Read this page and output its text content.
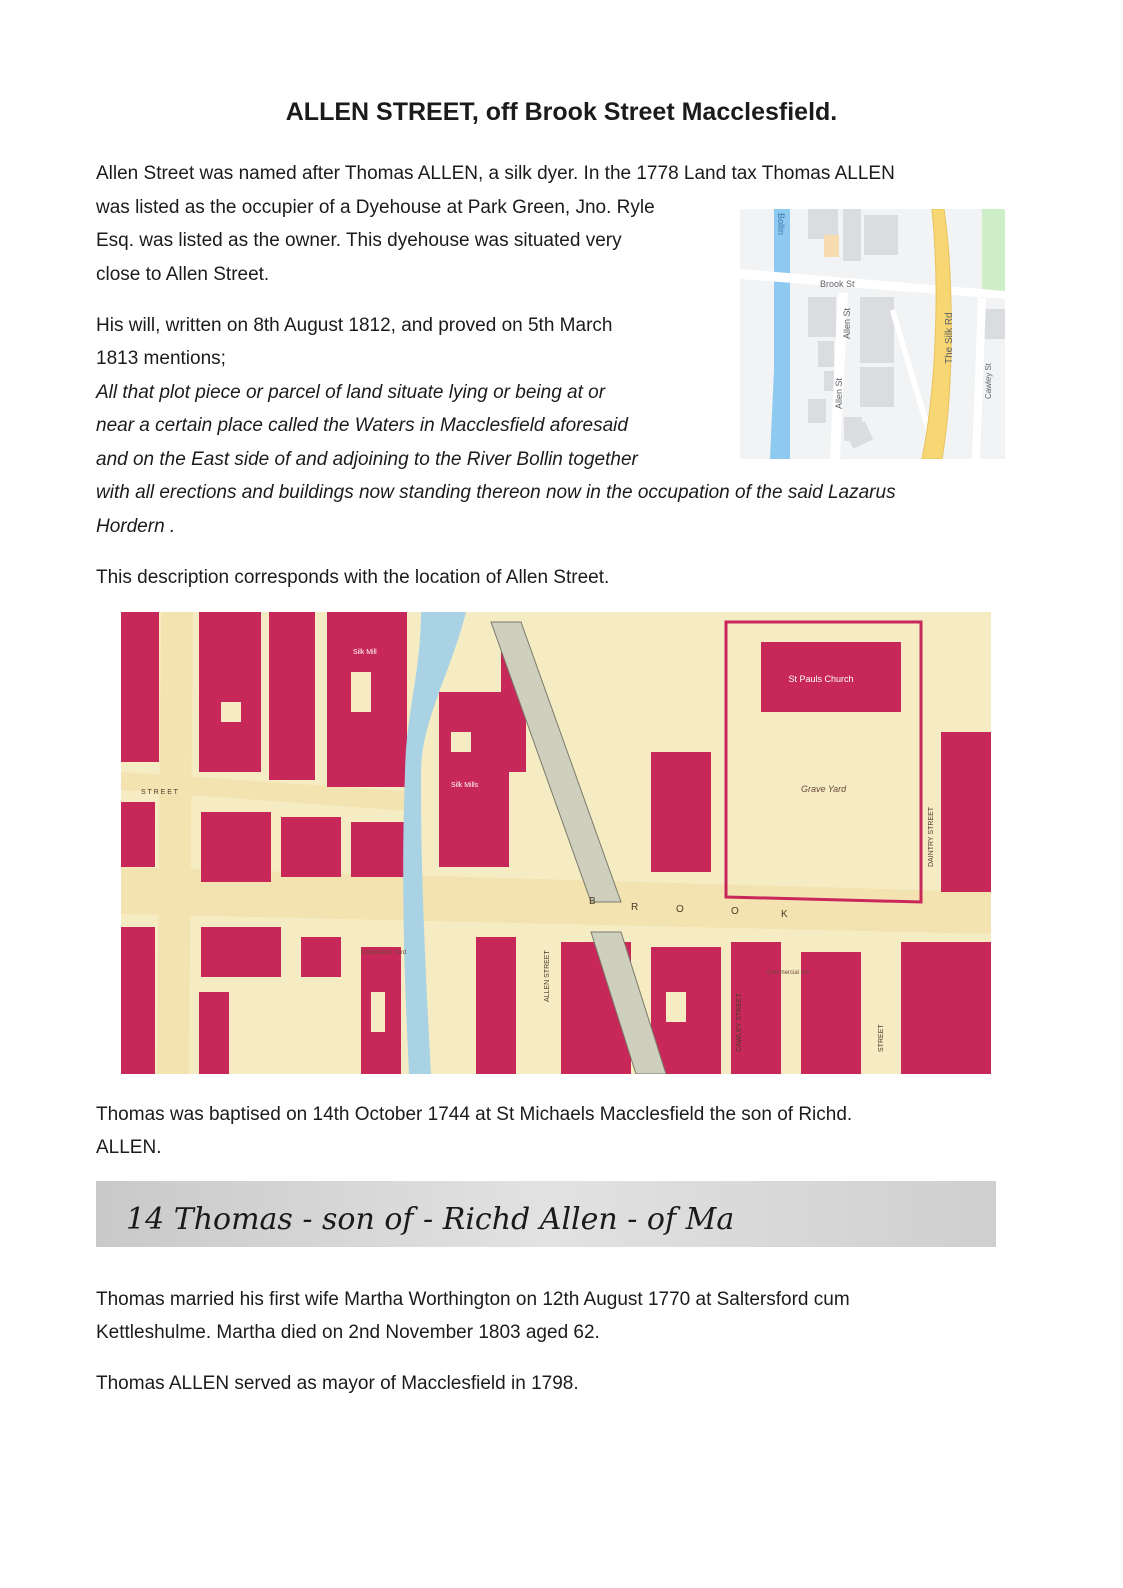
ALLEN STREET, off Brook Street Macclesfield.

Allen Street was named after Thomas ALLEN, a silk dyer. In the 1778 Land tax Thomas ALLEN

was listed as the occupier of a Dyehouse at Park Green, Jno. Ryle

Esq. was listed as the owner. This dyehouse was situated very

close to Allen Street.

His will, written on 8th August 1812, and proved on 5th March

1813 mentions;

All that plot piece or parcel of land situate lying or being at or

near a certain place called the Waters in Macclesfield aforesaid

and on the East side of and adjoining to the River Bollin together

with all erections and buildings now standing thereon now in the occupation of the said Lazarus

Hordern .

This description corresponds with the location of Allen Street.

Brook St
Allen St
Allen St
The Silk Rd
Cawley St
Bollin
St Pauls Church
Grave Yard
Silk Mill
Silk Mills
Corporation Yard
Commercial Inn
B
R	O	O	K
ALLEN STREET
CAWLEY STREET	STREET
DAINTRY STREET
S T R E E T

Thomas was baptised on 14th October 1744 at St Michaels Macclesfield the son of Richd.

ALLEN.

14 Thomas - son of - Richd Allen - of Ma

Thomas married his first wife Martha Worthington on 12th August 1770 at Saltersford cum

Kettleshulme. Martha died on 2nd November 1803 aged 62.

Thomas ALLEN served as mayor of Macclesfield in 1798.
